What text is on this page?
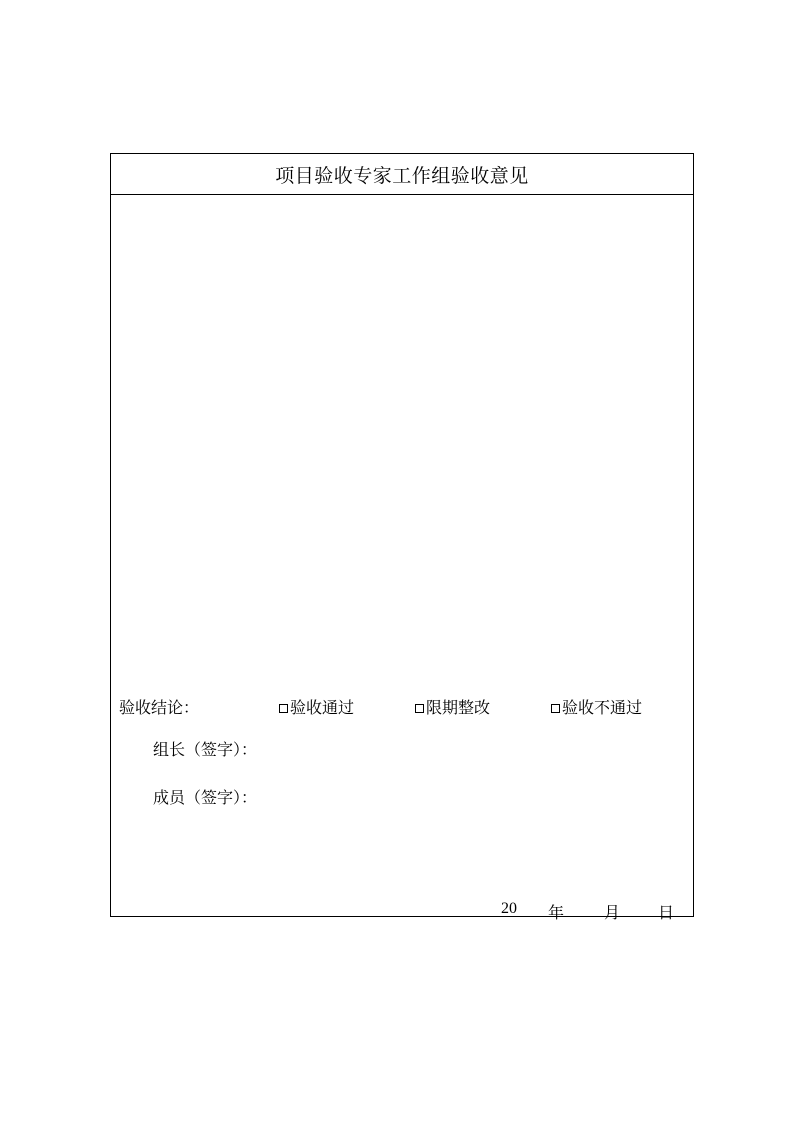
项目验收专家工作组验收意见
验收结论：	验收通过	限期整改	验收不通过
组长（签字）：
成员（签字）：
20 年 月 日
